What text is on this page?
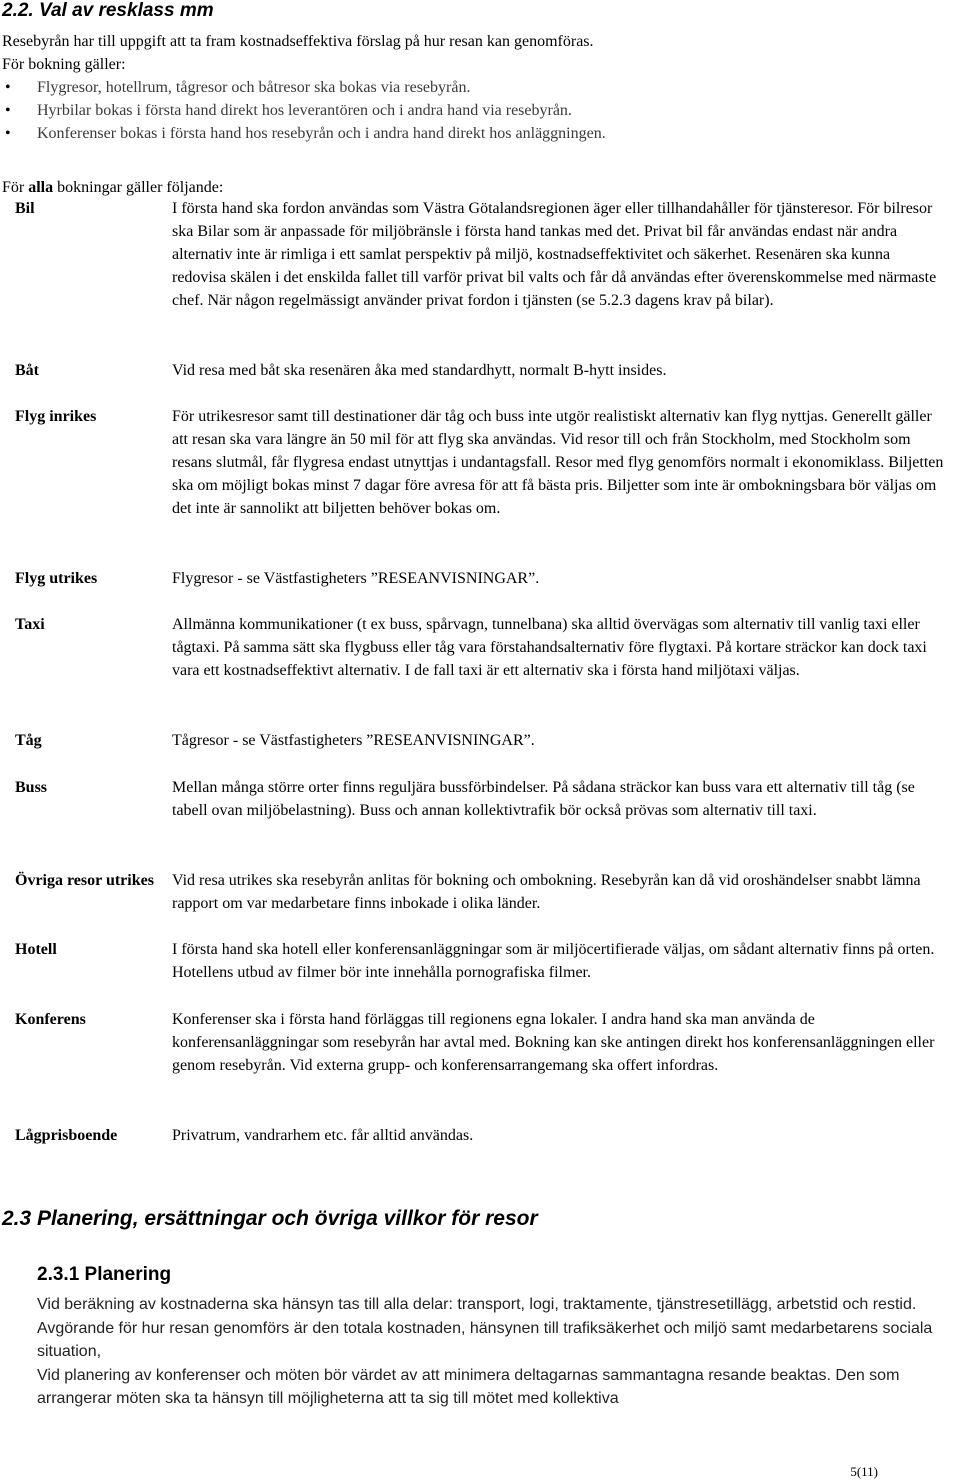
2.2. Val av resklass mm

Resebyrån har till uppgift att ta fram kostnadseffektiva förslag på hur resan kan genomföras.

För bokning gäller:

• Flygresor, hotellrum, tågresor och båtresor ska bokas via resebyrån.
• Hyrbilar bokas i första hand direkt hos leverantören och i andra hand via resebyrån.
• Konferenser bokas i första hand hos resebyrån och i andra hand direkt hos anläggningen.
För alla bokningar gäller följande:
Bil	I första hand ska fordon användas som Västra Götalandsregionen äger eller tillhandahåller för tjänsteresor. För bilresor ska Bilar som är anpassade för miljöbränsle i första hand tankas med det. Privat bil får användas endast när andra alternativ inte är rimliga i ett samlat perspektiv på miljö, kostnadseffektivitet och säkerhet. Resenären ska kunna redovisa skälen i det enskilda fallet till varför privat bil valts och får då användas efter överenskommelse med närmaste chef. När någon regelmässigt använder privat fordon i tjänsten (se 5.2.3 dagens krav på bilar).
Båt	Vid resa med båt ska resenären åka med standardhytt, normalt B-hytt insides.
Flyg inrikes	För utrikesresor samt till destinationer där tåg och buss inte utgör realistiskt alternativ kan flyg nyttjas. Generellt gäller att resan ska vara längre än 50 mil för att flyg ska användas. Vid resor till och från Stockholm, med Stockholm som resans slutmål, får flygresa endast utnyttjas i undantagsfall. Resor med flyg genomförs normalt i ekonomiklass. Biljetten ska om möjligt bokas minst 7 dagar före avresa för att få bästa pris. Biljetter som inte är ombokningsbara bör väljas om det inte är sannolikt att biljetten behöver bokas om.
Flyg utrikes	Flygresor - se Västfastigheters ”RESEANVISNINGAR”.
Taxi	Allmänna kommunikationer (t ex buss, spårvagn, tunnelbana) ska alltid övervägas som alternativ till vanlig taxi eller tågtaxi. På samma sätt ska flygbuss eller tåg vara förstahandsalternativ före flygtaxi. På kortare sträckor kan dock taxi vara ett kostnadseffektivt alternativ. I de fall taxi är ett alternativ ska i första hand miljötaxi väljas.
Tåg	Tågresor - se Västfastigheters ”RESEANVISNINGAR”.
Buss	Mellan många större orter finns reguljära bussförbindelser. På sådana sträckor kan buss vara ett alternativ till tåg (se tabell ovan miljöbelastning). Buss och annan kollektivtrafik bör också prövas som alternativ till taxi.
Övriga resor utrikes	Vid resa utrikes ska resebyrån anlitas för bokning och ombokning. Resebyrån kan då vid oroshändelser snabbt lämna rapport om var medarbetare finns inbokade i olika länder.
Hotell	I första hand ska hotell eller konferensanläggningar som är miljöcertifierade väljas, om sådant alternativ finns på orten. Hotellens utbud av filmer bör inte innehålla pornografiska filmer.
Konferens	Konferenser ska i första hand förläggas till regionens egna lokaler. I andra hand ska man använda de konferensanläggningar som resebyrån har avtal med. Bokning kan ske antingen direkt hos konferensanläggningen eller genom resebyrån. Vid externa grupp- och konferensarrangemang ska offert infordras.
Lågprisboende	Privatrum, vandrarhem etc. får alltid användas.
2.3 Planering, ersättningar och övriga villkor för resor
2.3.1 Planering

Vid beräkning av kostnaderna ska hänsyn tas till alla delar: transport, logi, traktamente, tjänstresetillägg, arbetstid och restid. Avgörande för hur resan genomförs är den totala kostnaden, hänsynen till trafiksäkerhet och miljö samt medarbetarens sociala situation,

Vid planering av konferenser och möten bör värdet av att minimera deltagarnas sammantagna resande beaktas. Den som arrangerar möten ska ta hänsyn till möjligheterna att ta sig till mötet med kollektiva

5(11)
